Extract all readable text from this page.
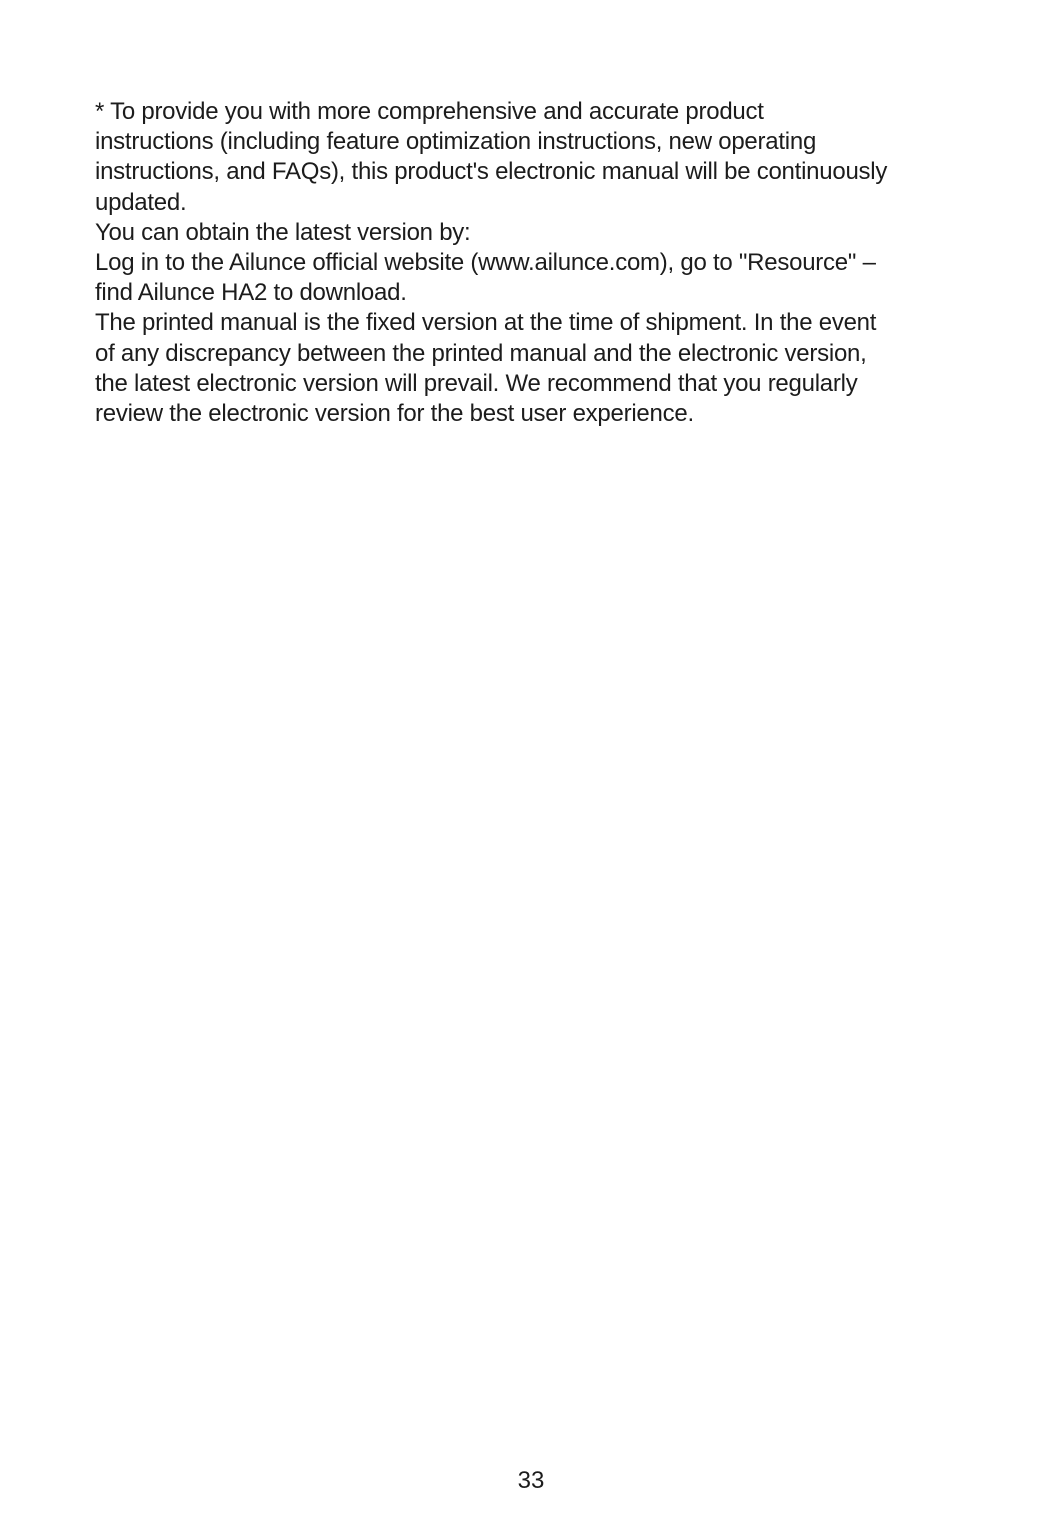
* To provide you with more comprehensive and accurate product
instructions (including feature optimization instructions, new operating
instructions, and FAQs), this product's electronic manual will be continuously
updated.
You can obtain the latest version by:
Log in to the Ailunce official website (www.ailunce.com), go to "Resource" –
find Ailunce HA2 to download.
The printed manual is the fixed version at the time of shipment. In the event
of any discrepancy between the printed manual and the electronic version,
the latest electronic version will prevail. We recommend that you regularly
review the electronic version for the best user experience.
33
